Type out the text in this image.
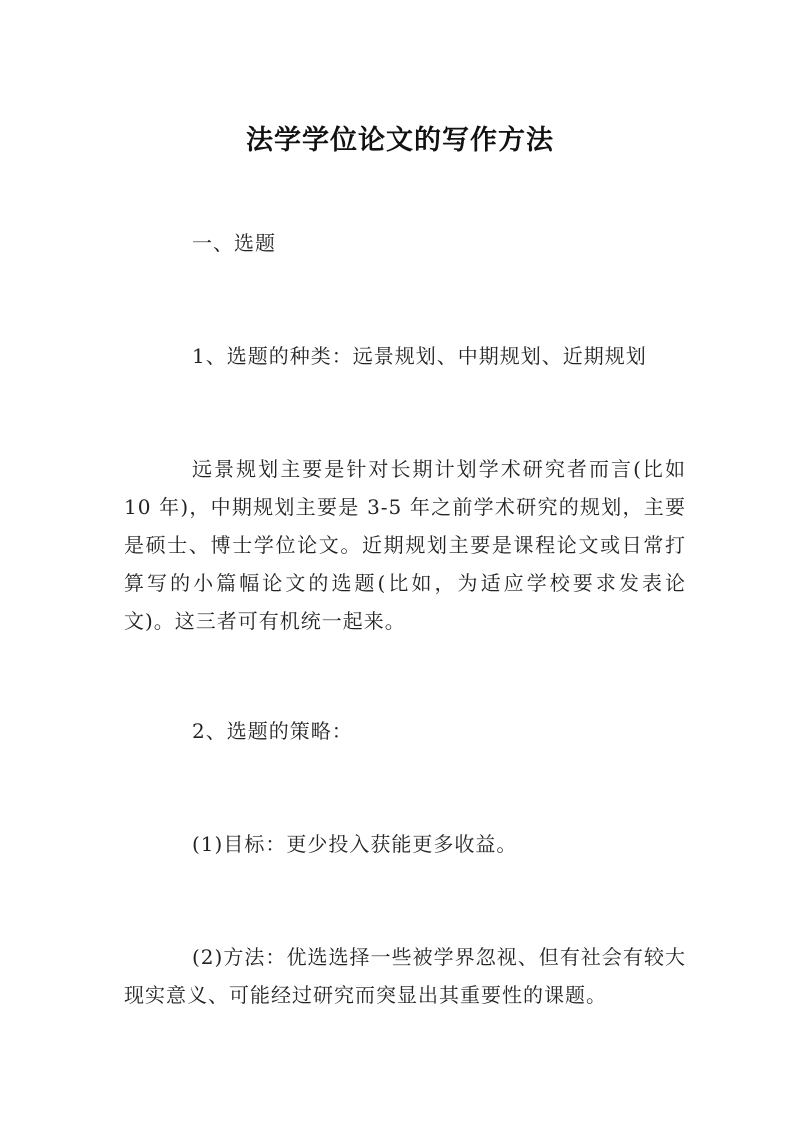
法学学位论文的写作方法

一、选题

1、选题的种类：远景规划、中期规划、近期规划

远景规划主要是针对长期计划学术研究者而言(比如 10 年)，中期规划主要是 3-5 年之前学术研究的规划，主要是硕士、博士学位论文。近期规划主要是课程论文或日常打算写的小篇幅论文的选题(比如，为适应学校要求发表论文)。这三者可有机统一起来。

2、选题的策略：

(1)目标：更少投入获能更多收益。

(2)方法：优选选择一些被学界忽视、但有社会有较大现实意义、可能经过研究而突显出其重要性的课题。
